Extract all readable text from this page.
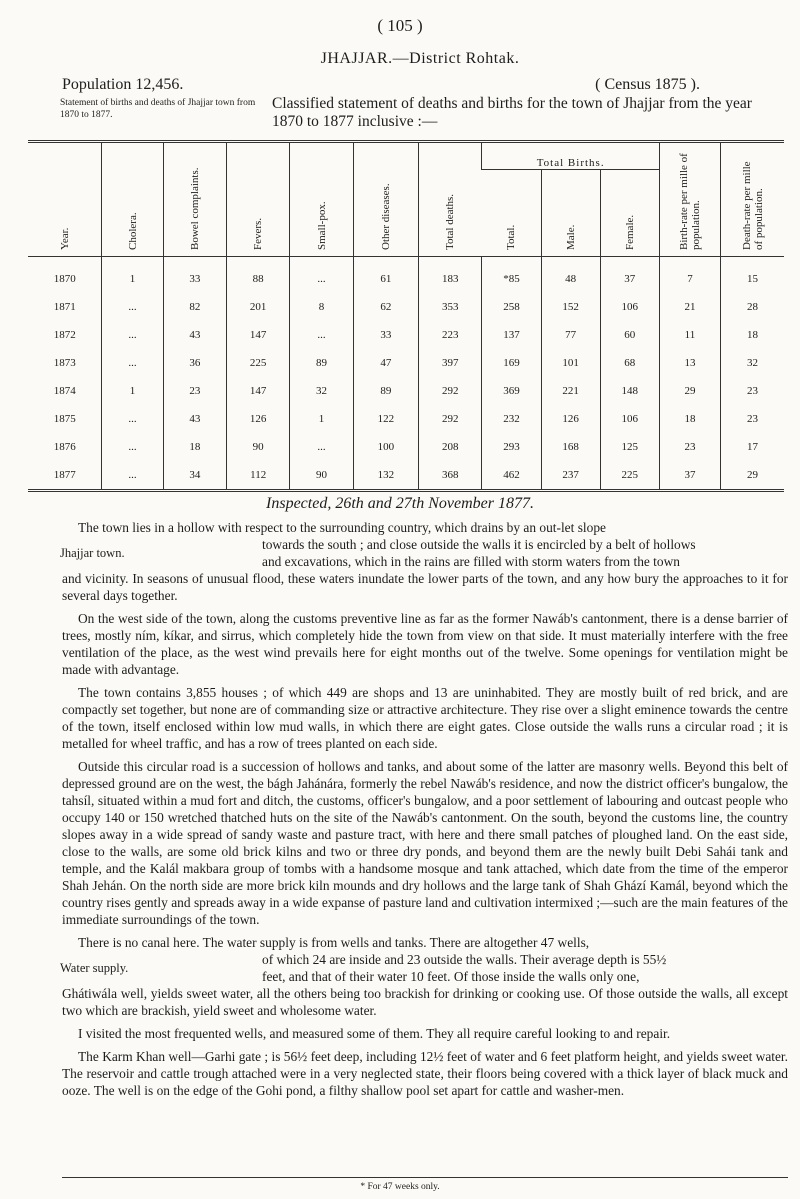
( 105 )
JHAJJAR.—District Rohtak.
Population 12,456.	( Census 1875 ).
Statement of births and deaths of Jhajjar town from 1870 to 1877.
Classified statement of deaths and births for the town of Jhajjar from the year 1870 to 1877 inclusive :—
Year.	Cholera.	Bowel complaints.	Fevers.	Small-pox.	Other diseases.	Total deaths.	Total Births.			Birth-rate per mille of population.	Death-rate per mille of population.

							Total.	Male.	Female.		

1870	1	33	88	...	61	183	*85	48	37	7	15
1871	...	82	201	8	62	353	258	152	106	21	28
1872	...	43	147	...	33	223	137	77	60	11	18
1873	...	36	225	89	47	397	169	101	68	13	32
1874	1	23	147	32	89	292	369	221	148	29	23
1875	...	43	126	1	122	292	232	126	106	18	23
1876	...	18	90	...	100	208	293	168	125	23	17
1877	...	34	112	90	132	368	462	237	225	37	29
Inspected, 26th and 27th November 1877.

The town lies in a hollow with respect to the surrounding country, which drains by an out-let slope

Jhajjar town.

towards the south ; and close outside the walls it is encircled by a belt of hollows

and excavations, which in the rains are filled with storm waters from the town

and vicinity. In seasons of unusual flood, these waters inundate the lower parts of the town, and any how bury the approaches to it for several days together.

On the west side of the town, along the customs preventive line as far as the former Nawáb's cantonment, there is a dense barrier of trees, mostly ním, kíkar, and sirrus, which completely hide the town from view on that side. It must materially interfere with the free ventilation of the place, as the west wind prevails here for eight months out of the twelve. Some openings for ventilation might be made with advantage.

The town contains 3,855 houses ; of which 449 are shops and 13 are uninhabited. They are mostly built of red brick, and are compactly set together, but none are of commanding size or attractive architecture. They rise over a slight eminence towards the centre of the town, itself enclosed within low mud walls, in which there are eight gates. Close outside the walls runs a circular road ; it is metalled for wheel traffic, and has a row of trees planted on each side.

Outside this circular road is a succession of hollows and tanks, and about some of the latter are masonry wells. Beyond this belt of depressed ground are on the west, the bágh Jahánára, formerly the rebel Nawáb's residence, and now the district officer's bungalow, the tahsíl, situated within a mud fort and ditch, the customs, officer's bungalow, and a poor settlement of labouring and outcast people who occupy 140 or 150 wretched thatched huts on the site of the Nawáb's cantonment. On the south, beyond the customs line, the country slopes away in a wide spread of sandy waste and pasture tract, with here and there small patches of ploughed land. On the east side, close to the walls, are some old brick kilns and two or three dry ponds, and beyond them are the newly built Debi Sahái tank and temple, and the Kalál makbara group of tombs with a handsome mosque and tank attached, which date from the time of the emperor Shah Jehán. On the north side are more brick kiln mounds and dry hollows and the large tank of Shah Ghází Kamál, beyond which the country rises gently and spreads away in a wide expanse of pasture land and cultivation intermixed ;—such are the main features of the immediate surroundings of the town.

There is no canal here. The water supply is from wells and tanks. There are altogether 47 wells,

Water supply.

of which 24 are inside and 23 outside the walls. Their average depth is 55½

feet, and that of their water 10 feet. Of those inside the walls only one,

Ghátiwála well, yields sweet water, all the others being too brackish for drinking or cooking use. Of those outside the walls, all except two which are brackish, yield sweet and wholesome water.

I visited the most frequented wells, and measured some of them. They all require careful looking to and repair.

The Karm Khan well—Garhi gate ; is 56½ feet deep, including 12½ feet of water and 6 feet platform height, and yields sweet water. The reservoir and cattle trough attached were in a very neglected state, their floors being covered with a thick layer of black muck and ooze. The well is on the edge of the Gohi pond, a filthy shallow pool set apart for cattle and washer-men.

* For 47 weeks only.
